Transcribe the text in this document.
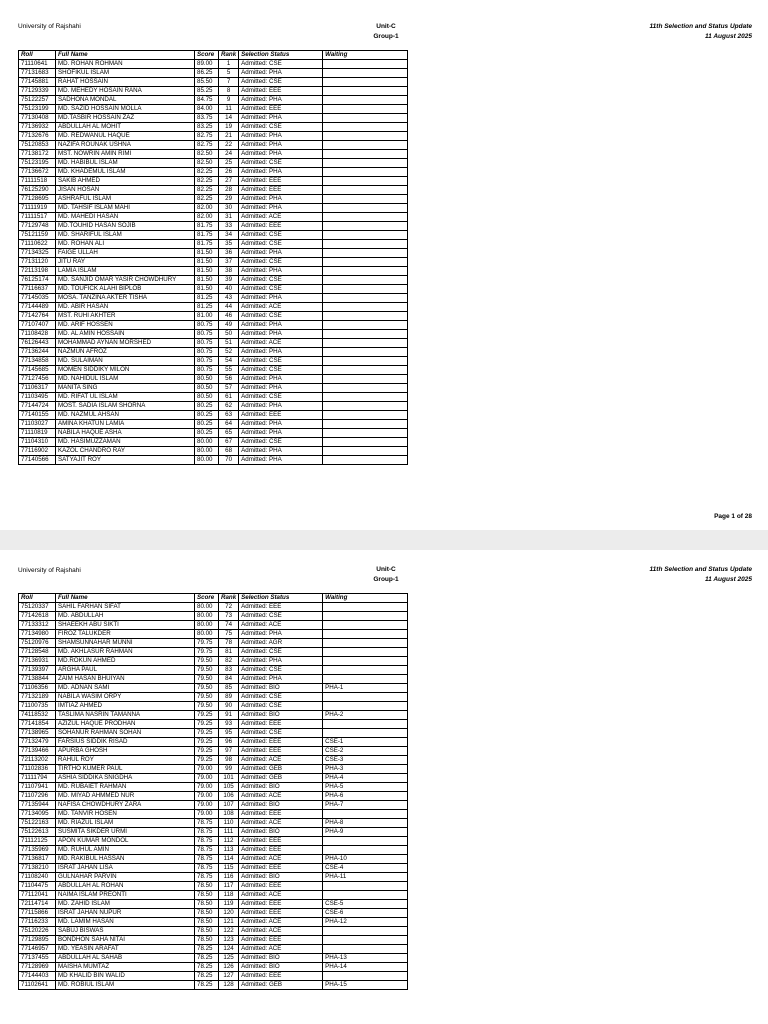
University of Rajshahi	Unit-C
Group-1
11th Selection and Status Update
11 August 2025
Roll	Full Name	Score	Rank	Selection Status	Waiting
71110641	MD. ROHAN ROHMAN	89.00	1	Admitted: CSE	
77131683	SHOFIKUL ISLAM	86.25	5	Admitted: PHA	
77145881	RAHAT HOSSAIN	85.50	7	Admitted: CSE	
77129339	MD. MEHEDY HOSAIN RANA	85.25	8	Admitted: EEE	
75122257	SADHONA MONDAL	84.75	9	Admitted: PHA	
75123199	MD. SAZID HOSSAIN MOLLA	84.00	11	Admitted: EEE	
77130408	MD.TASBIR HOSSAIN ZAZ	83.75	14	Admitted: PHA	
77136932	ABDULLAH AL MOHIT	83.25	19	Admitted: CSE	
77132676	MD. REDWANUL HAQUE	82.75	21	Admitted: PHA	
75120853	NAZIFA ROUNAK USHNA	82.75	22	Admitted: PHA	
77138172	MST. NOWRIN AMIN RIMI	82.50	24	Admitted: PHA	
75123195	MD. HABIBUL ISLAM	82.50	25	Admitted: CSE	
77136672	MD. KHADEMUL ISLAM	82.25	26	Admitted: PHA	
71111518	SAKIB AHMED	82.25	27	Admitted: EEE	
76125290	JISAN HOSAN	82.25	28	Admitted: EEE	
77128695	ASHRAFUL ISLAM	82.25	29	Admitted: PHA	
71111919	MD. TAHSIF ISLAM MAHI	82.00	30	Admitted: PHA	
71111517	MD. MAHEDI HASAN	82.00	31	Admitted: ACE	
77129748	MD.TOUHID HASAN SOJIB	81.75	33	Admitted: EEE	
75121159	MD. SHARIFUL ISLAM	81.75	34	Admitted: CSE	
71110622	MD. ROHAN ALI	81.75	35	Admitted: CSE	
77134325	FAIGE ULLAH	81.50	36	Admitted: PHA	
77131120	JITU RAY	81.50	37	Admitted: CSE	
72113198	LAMIA ISLAM	81.50	38	Admitted: PHA	
76125174	MD. SANJID OMAR YASIR CHOWDHURY	81.50	39	Admitted: CSE	
77116637	MD. TOUFICK ALAHI BIPLOB	81.50	40	Admitted: CSE	
77145035	MOSA. TANZINA AKTER TISHA	81.25	43	Admitted: PHA	
77144489	MD. ABIR HASAN	81.25	44	Admitted: ACE	
77142764	MST. RUHI AKHTER	81.00	46	Admitted: CSE	
77107407	MD. ARIF HOSSEN	80.75	49	Admitted: PHA	
71108428	MD. AL AMIN HOSSAIN	80.75	50	Admitted: PHA	
76126443	MOHAMMAD AYNAN MORSHED	80.75	51	Admitted: ACE	
77136244	NAZMUN AFROZ	80.75	52	Admitted: PHA	
77134858	MD. SULAIMAN	80.75	54	Admitted: CSE	
77145685	MOMEN SIDDIKY MILON	80.75	55	Admitted: CSE	
77127456	MD. NAHIDUL ISLAM	80.50	56	Admitted: PHA	
71106317	MANITA SING	80.50	57	Admitted: PHA	
71103495	MD. RIFAT UL ISLAM	80.50	61	Admitted: CSE	
77144724	MOST. SADIA ISLAM SHORNA	80.25	62	Admitted: PHA	
77140155	MD. NAZMUL AHSAN	80.25	63	Admitted: EEE	
71103027	AMINA KHATUN LAMIA	80.25	64	Admitted: PHA	
71110819	NABILA HAQUE ASHA	80.25	65	Admitted: PHA	
71104310	MD. HASIMUZZAMAN	80.00	67	Admitted: CSE	
77116902	KAZOL CHANDRO RAY	80.00	68	Admitted: PHA	
77140566	SATYAJIT ROY	80.00	70	Admitted: PHA	
Page 1 of 28
University of Rajshahi	Unit-C
Group-1
11th Selection and Status Update
11 August 2025
Roll	Full Name	Score	Rank	Selection Status	Waiting
75120337	SAHIL FARHAN SIFAT	80.00	72	Admitted: EEE	
77142618	MD. ABDULLAH	80.00	73	Admitted: CSE	
77133312	SHAEEKH ABU SIKTI	80.00	74	Admitted: ACE	
77134980	FIROZ TALUKDER	80.00	75	Admitted: PHA	
75120976	SHAMSUNNAHAR MUNNI	79.75	78	Admitted: AGR	
77128548	MD. AKHLASUR RAHMAN	79.75	81	Admitted: CSE	
77136931	MD.ROKUN AHMED	79.50	82	Admitted: PHA	
77139397	ARGHA PAUL	79.50	83	Admitted: CSE	
77138844	ZAIM HASAN BHUIYAN	79.50	84	Admitted: PHA	
71106356	MD. ADNAN SAMI	79.50	85	Admitted: BIO	PHA-1
77132189	NABILA WASIM ORPY	79.50	89	Admitted: CSE	
71100735	IMTIAZ AHMED	79.50	90	Admitted: CSE	
74118532	TASLIMA NASRIN TAMANNA	79.25	91	Admitted: BIO	PHA-2
77141854	AZIZUL HAQUE PRODHAN	79.25	93	Admitted: EEE	
77138965	SOHANUR RAHMAN SOHAN	79.25	95	Admitted: CSE	
77132479	FARSIUS SIDDIK RISAD	79.25	96	Admitted: EEE	CSE-1
77139466	APURBA GHOSH	79.25	97	Admitted: EEE	CSE-2
72113202	RAHUL ROY	79.25	98	Admitted: ACE	CSE-3
71102836	TIRTHO KUMER PAUL	79.00	99	Admitted: GEB	PHA-3
71111794	ASHIA SIDDIKA SNIGDHA	79.00	101	Admitted: GEB	PHA-4
71107941	MD. RUBAIET RAHMAN	79.00	105	Admitted: BIO	PHA-5
71107296	MD. MIYAD AHMMED NUR	79.00	106	Admitted: ACE	PHA-6
77135944	NAFISA CHOWDHURY ZARA	79.00	107	Admitted: BIO	PHA-7
77134095	MD. TANVIR HOSEN	79.00	108	Admitted: EEE	
75122163	MD. RIAZUL ISLAM	78.75	110	Admitted: ACE	PHA-8
75122613	SUSMITA SIKDER URMI	78.75	111	Admitted: BIO	PHA-9
71112125	APON KUMAR MONDOL	78.75	112	Admitted: EEE	
77135969	MD. RUHUL AMIN	78.75	113	Admitted: EEE	
77136817	MD. RAKIBUL HASSAN	78.75	114	Admitted: ACE	PHA-10
77138210	ISRAT JAHAN LISA	78.75	115	Admitted: EEE	CSE-4
71108240	GULNAHAR PARVIN	78.75	116	Admitted: BIO	PHA-11
71104475	ABDULLAH AL ROHAN	78.50	117	Admitted: EEE	
77112041	NAIMA ISLAM PREONTI	78.50	118	Admitted: ACE	
72114714	MD. ZAHID ISLAM	78.50	119	Admitted: EEE	CSE-5
77115866	ISRAT JAHAN NUPUR	78.50	120	Admitted: EEE	CSE-6
77116233	MD. LAMIM HASAN	78.50	121	Admitted: ACE	PHA-12
75120226	SABUJ BISWAS	78.50	122	Admitted: ACE	
77129895	BONDHON SAHA NITAI	78.50	123	Admitted: EEE	
77146957	MD. YEASIN ARAFAT	78.25	124	Admitted: ACE	
77137455	ABDULLAH AL SAHAB	78.25	125	Admitted: BIO	PHA-13
77128969	MAISHA MUMTAZ	78.25	126	Admitted: BIO	PHA-14
77144403	MD KHALID BIN WALID	78.25	127	Admitted: EEE	
71102641	MD. ROBIUL ISLAM	78.25	128	Admitted: GEB	PHA-15
